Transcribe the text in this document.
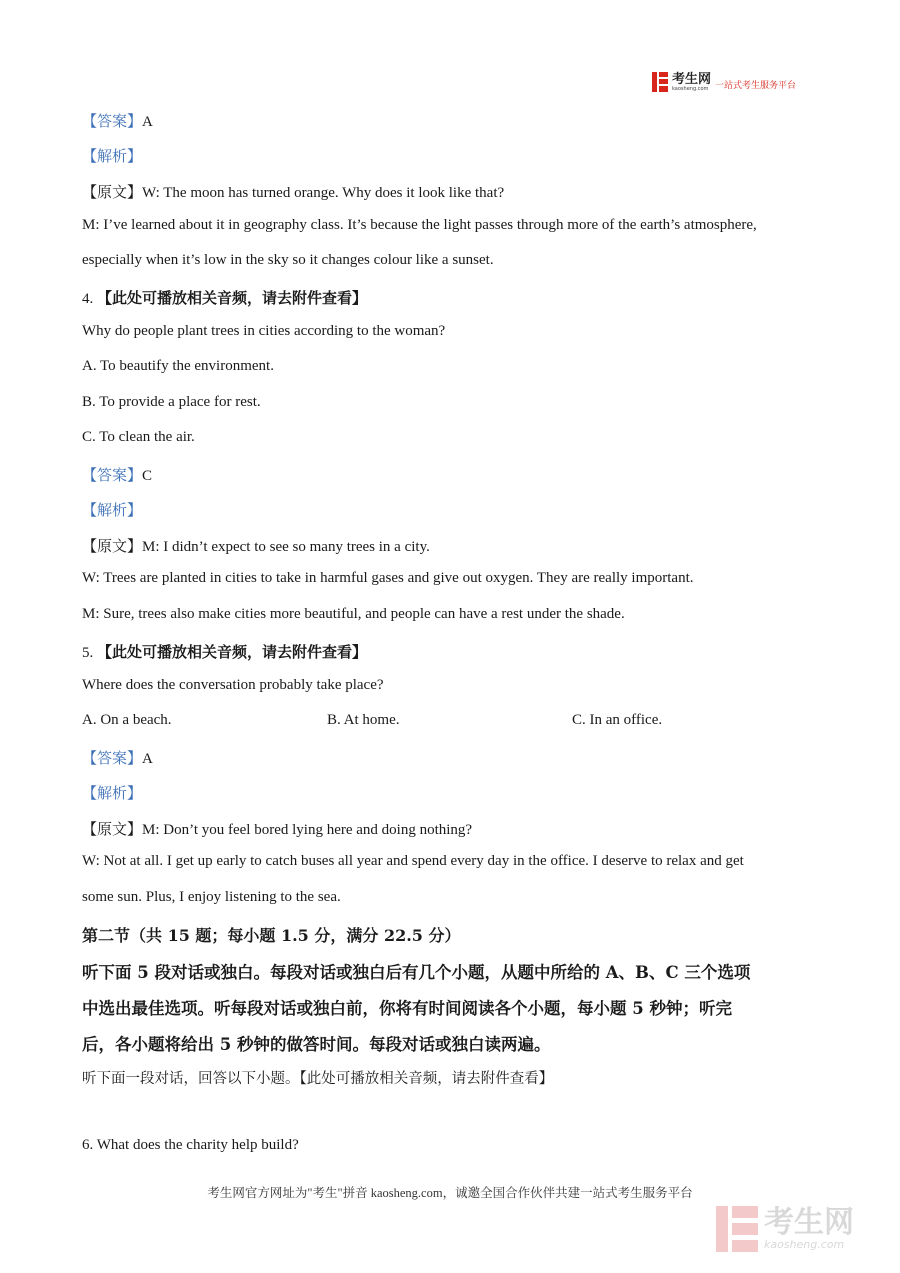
考生网
kaosheng.com 一站式考生服务平台
【答案】A
【解析】
【原文】W: The moon has turned orange. Why does it look like that?
M: I’ve learned about it in geography class. It’s because the light passes through more of the earth’s atmosphere,
especially when it’s low in the sky so it changes colour like a sunset.
4. 【此处可播放相关音频，请去附件查看】
Why do people plant trees in cities according to the woman?
A. To beautify the environment.
B. To provide a place for rest.
C. To clean the air.
【答案】C
【解析】
【原文】M: I didn’t expect to see so many trees in a city.
W: Trees are planted in cities to take in harmful gases and give out oxygen. They are really important.
M: Sure, trees also make cities more beautiful, and people can have a rest under the shade.
5. 【此处可播放相关音频，请去附件查看】
Where does the conversation probably take place?
A. On a beach.	B. At home.	C. In an office.
【答案】A
【解析】
【原文】M: Don’t you feel bored lying here and doing nothing?
W: Not at all. I get up early to catch buses all year and spend every day in the office. I deserve to relax and get
some sun. Plus, I enjoy listening to the sea.
第二节（共 15 题；每小题 1.5 分，满分 22.5 分）
听下面 5 段对话或独白。每段对话或独白后有几个小题，从题中所给的 A、B、C 三个选项
中选出最佳选项。听每段对话或独白前，你将有时间阅读各个小题，每小题 5 秒钟；听完
后，各小题将给出 5 秒钟的做答时间。每段对话或独白读两遍。
听下面一段对话，回答以下小题。【此处可播放相关音频，请去附件查看】
6. What does the charity help build?
考生网官方网址为"考生"拼音 kaosheng.com，诚邀全国合作伙伴共建一站式考生服务平台
考生网
kaosheng.com
